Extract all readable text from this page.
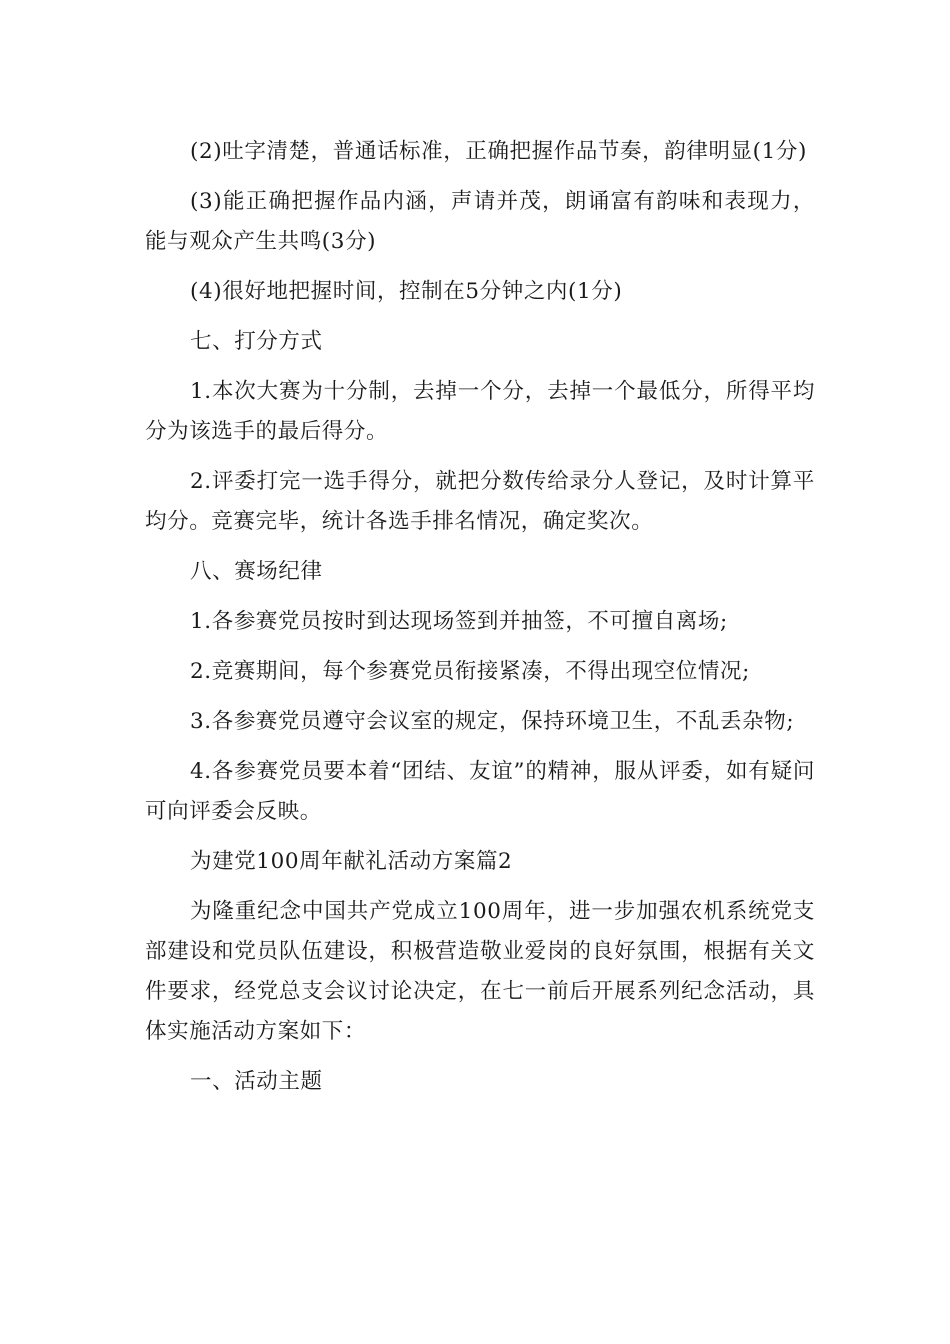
(2)吐字清楚，普通话标准，正确把握作品节奏，韵律明显(1分)

(3)能正确把握作品内涵，声请并茂，朗诵富有韵味和表现力，能与观众产生共鸣(3分)

(4)很好地把握时间，控制在5分钟之内(1分)

七、打分方式

1.本次大赛为十分制，去掉一个分，去掉一个最低分，所得平均分为该选手的最后得分。

2.评委打完一选手得分，就把分数传给录分人登记，及时计算平均分。竞赛完毕，统计各选手排名情况，确定奖次。

八、赛场纪律

1.各参赛党员按时到达现场签到并抽签，不可擅自离场;

2.竞赛期间，每个参赛党员衔接紧凑，不得出现空位情况;

3.各参赛党员遵守会议室的规定，保持环境卫生，不乱丢杂物;

4.各参赛党员要本着“团结、友谊”的精神，服从评委，如有疑问可向评委会反映。

为建党100周年献礼活动方案篇2

为隆重纪念中国共产党成立100周年，进一步加强农机系统党支部建设和党员队伍建设，积极营造敬业爱岗的良好氛围，根据有关文件要求，经党总支会议讨论决定，在七一前后开展系列纪念活动，具体实施活动方案如下：

一、活动主题
